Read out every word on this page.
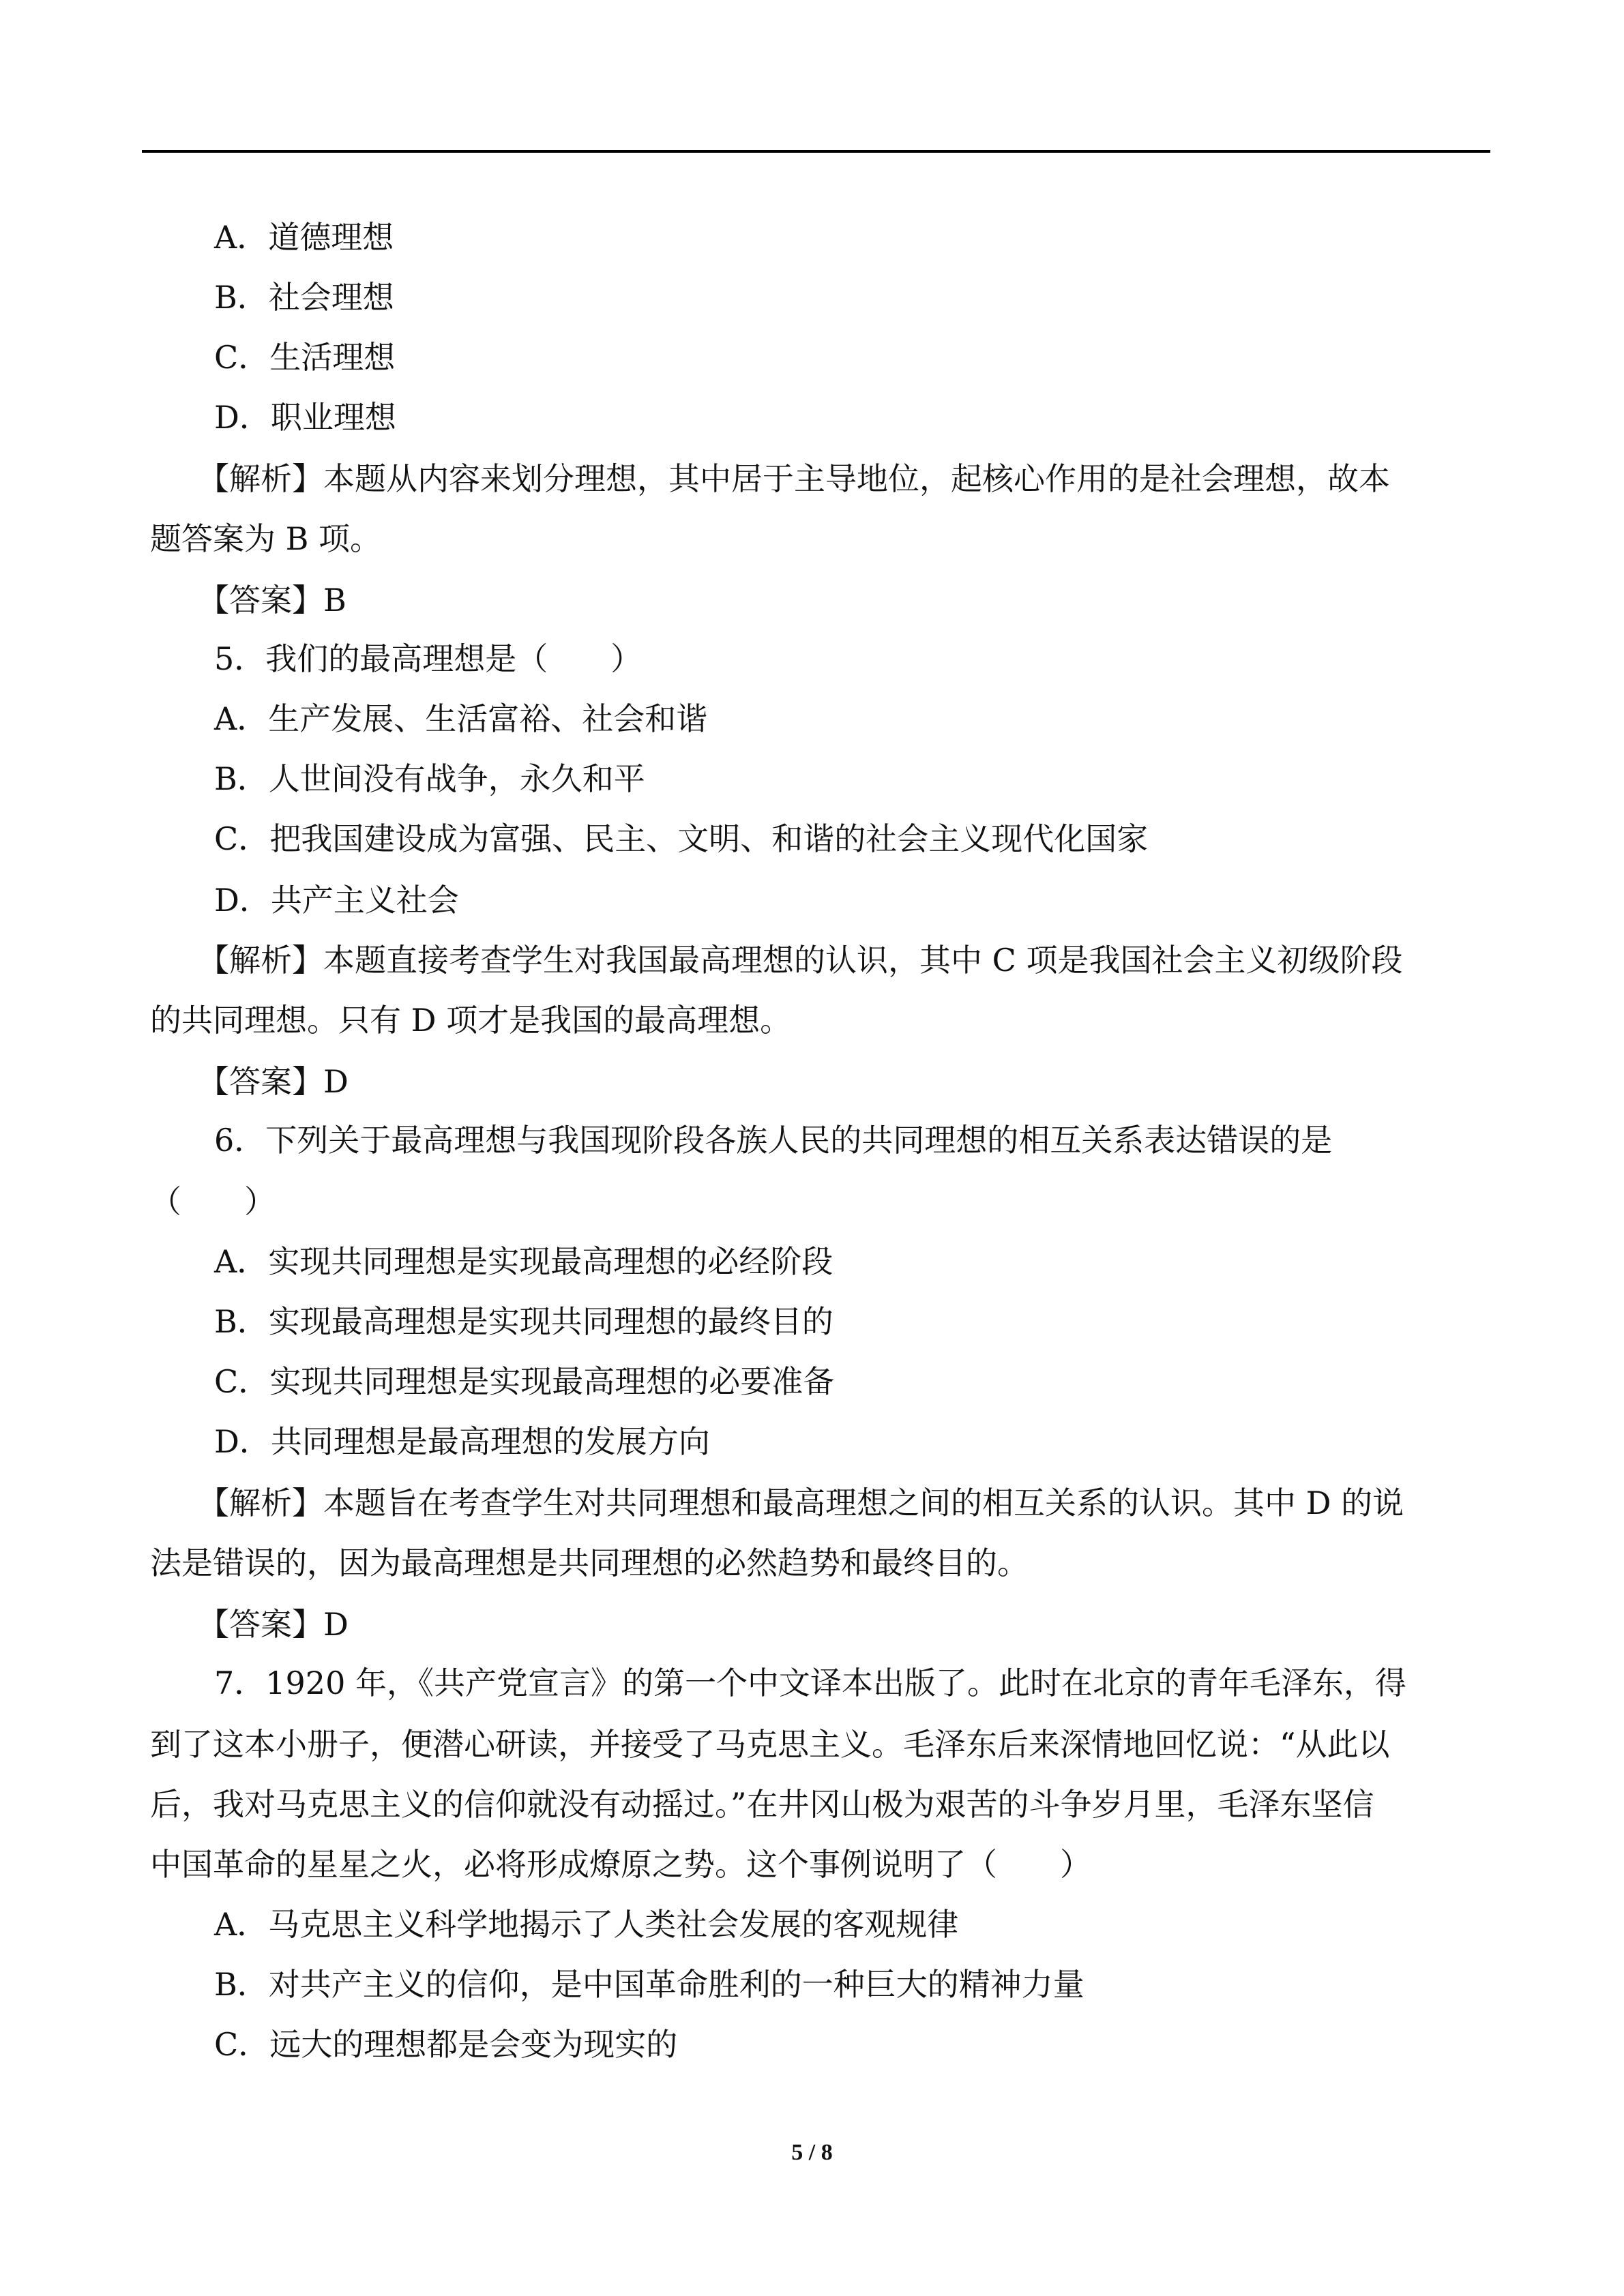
A．道德理想
B．社会理想
C．生活理想
D．职业理想
【解析】本题从内容来划分理想，其中居于主导地位，起核心作用的是社会理想，故本
题答案为 B 项。
【答案】B
5．我们的最高理想是（　　）
A．生产发展、生活富裕、社会和谐
B．人世间没有战争，永久和平
C．把我国建设成为富强、民主、文明、和谐的社会主义现代化国家
D．共产主义社会
【解析】本题直接考查学生对我国最高理想的认识，其中 C 项是我国社会主义初级阶段
的共同理想。只有 D 项才是我国的最高理想。
【答案】D
6．下列关于最高理想与我国现阶段各族人民的共同理想的相互关系表达错误的是
（　　）
A．实现共同理想是实现最高理想的必经阶段
B．实现最高理想是实现共同理想的最终目的
C．实现共同理想是实现最高理想的必要准备
D．共同理想是最高理想的发展方向
【解析】本题旨在考查学生对共同理想和最高理想之间的相互关系的认识。其中 D 的说
法是错误的，因为最高理想是共同理想的必然趋势和最终目的。
【答案】D
7．1920 年，《共产党宣言》的第一个中文译本出版了。此时在北京的青年毛泽东，得
到了这本小册子，便潜心研读，并接受了马克思主义。毛泽东后来深情地回忆说：“从此以
后，我对马克思主义的信仰就没有动摇过。”在井冈山极为艰苦的斗争岁月里，毛泽东坚信
中国革命的星星之火，必将形成燎原之势。这个事例说明了（　　）
A．马克思主义科学地揭示了人类社会发展的客观规律
B．对共产主义的信仰，是中国革命胜利的一种巨大的精神力量
C．远大的理想都是会变为现实的
5 / 8
